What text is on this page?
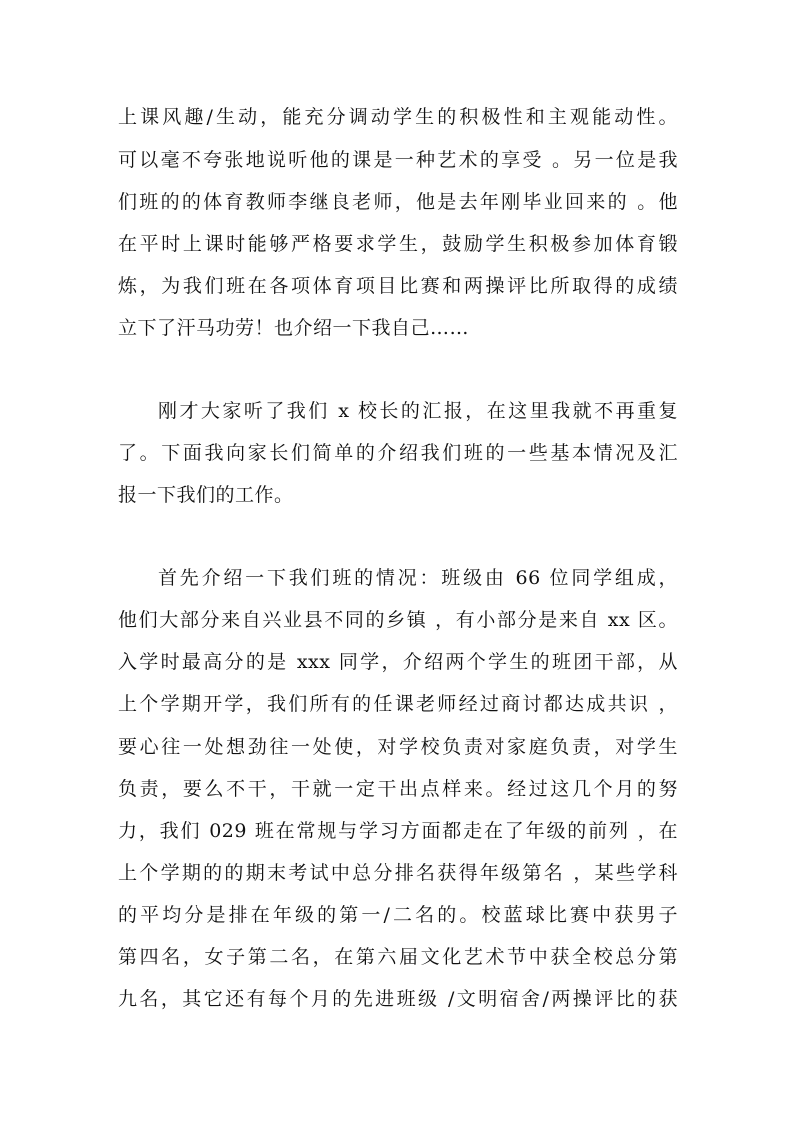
上课风趣/生动，能充分调动学生的积极性和主观能动性。
可以毫不夸张地说听他的课是一种艺术的享受 。另一位是我
们班的的体育教师李继良老师，他是去年刚毕业回来的 。他
在平时上课时能够严格要求学生，鼓励学生积极参加体育锻
炼，为我们班在各项体育项目比赛和两操评比所取得的成绩
立下了汗马功劳！也介绍一下我自己……
刚才大家听了我们 x 校长的汇报，在这里我就不再重复
了。下面我向家长们简单的介绍我们班的一些基本情况及汇
报一下我们的工作。
首先介绍一下我们班的情况：班级由 66 位同学组成，
他们大部分来自兴业县不同的乡镇 ，有小部分是来自 xx 区。
入学时最高分的是 xxx 同学，介绍两个学生的班团干部，从
上个学期开学，我们所有的任课老师经过商讨都达成共识 ，
要心往一处想劲往一处使，对学校负责对家庭负责，对学生
负责，要么不干，干就一定干出点样来。经过这几个月的努
力，我们 029 班在常规与学习方面都走在了年级的前列 ，在
上个学期的的期末考试中总分排名获得年级第名 ，某些学科
的平均分是排在年级的第一/二名的。校蓝球比赛中获男子
第四名，女子第二名，在第六届文化艺术节中获全校总分第
九名，其它还有每个月的先进班级 /文明宿舍/两操评比的获
